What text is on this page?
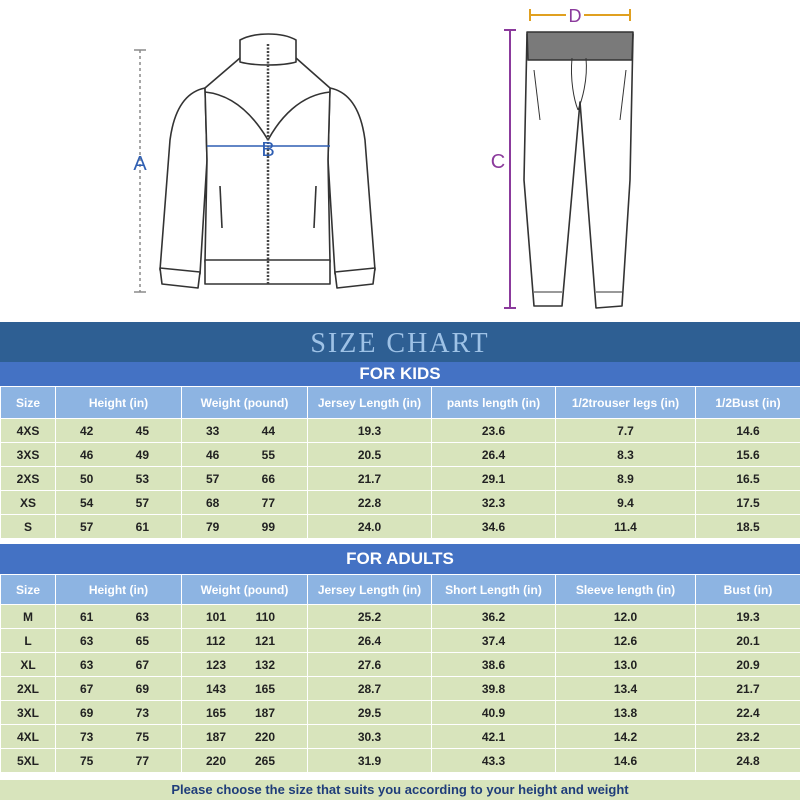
A
B
C
D
SIZE CHART
FOR KIDS
Size	Height (in)	Weight (pound)	Jersey Length (in)	pants length (in)	1/2trouser legs (in)	1/2Bust (in)
4XS	42 45	33 44	19.3	23.6	7.7	14.6
3XS	46 49	46 55	20.5	26.4	8.3	15.6
2XS	50 53	57 66	21.7	29.1	8.9	16.5
XS	54 57	68 77	22.8	32.3	9.4	17.5
S	57 61	79 99	24.0	34.6	11.4	18.5
FOR ADULTS
Size	Height (in)	Weight (pound)	Jersey Length (in)	Short Length (in)	Sleeve length (in)	Bust (in)
M	61 63	101 110	25.2	36.2	12.0	19.3
L	63 65	112 121	26.4	37.4	12.6	20.1
XL	63 67	123 132	27.6	38.6	13.0	20.9
2XL	67 69	143 165	28.7	39.8	13.4	21.7
3XL	69 73	165 187	29.5	40.9	13.8	22.4
4XL	73 75	187 220	30.3	42.1	14.2	23.2
5XL	75 77	220 265	31.9	43.3	14.6	24.8
Please choose the size that suits you according to your height and weight
